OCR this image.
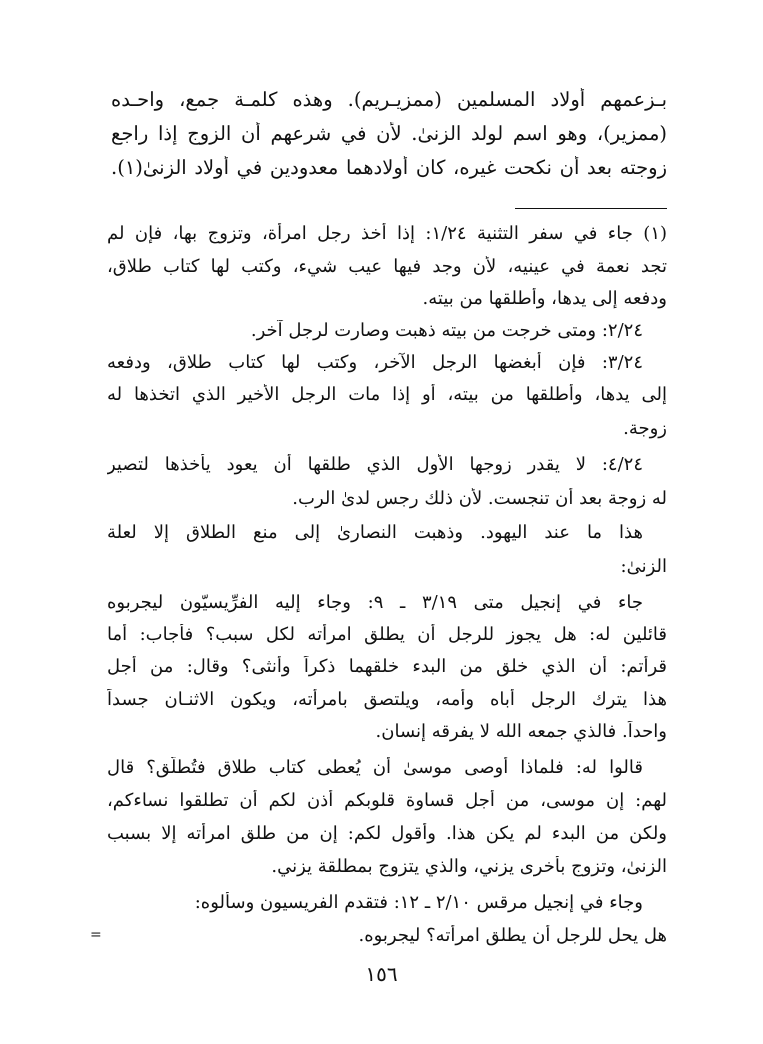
بـزعمهم أولاد المسلمين (ممزيـريم). وهذه كلمـة جمع، واحـده
(ممزير)، وهو اسم لولد الزنىٰ. لأن في شرعهم أن الزوج إذا راجع
زوجته بعد أن نكحت غيره، كان أولادهما معدودين في أولاد الزنىٰ(١).
(١) جاء في سفر التثنية ١/٢٤: إذا أخذ رجل امرأة، وتزوج بها، فإن لم
تجد نعمة في عينيه، لأن وجد فيها عيب شيء، وكتب لها كتاب طلاق،
ودفعه إلى يدها، وأطلقها من بيته.
٢/٢٤: ومتى خرجت من بيته ذهبت وصارت لرجل آخر.
٣/٢٤: فإن أبغضها الرجل الآخر، وكتب لها كتاب طلاق، ودفعه
إلى يدها، وأطلقها من بيته، أو إذا مات الرجل الأخير الذي اتخذها له
زوجة.
٤/٢٤: لا يقدر زوجها الأول الذي طلقها أن يعود يأخذها لتصير
له زوجة بعد أن تنجست. لأن ذلك رجس لدىٰ الرب.
هذا ما عند اليهود. وذهبت النصارىٰ إلى منع الطلاق إلا لعلة
الزنىٰ:
جاء في إنجيل متى ٣/١٩ ـ ٩: وجاء إليه الفرِّيسيّون ليجربوه
قائلين له: هل يجوز للرجل أن يطلق امرأته لكل سبب؟ فأجاب: أما
قرأتم: أن الذي خلق من البدء خلقهما ذكراً وأنثى؟ وقال: من أجل
هذا يترك الرجل أباه وأمه، ويلتصق بامرأته، ويكون الاثنـان جسداً
واحداً. فالذي جمعه الله لا يفرقه إنسان.
قالوا له: فلماذا أوصى موسىٰ أن يُعطى كتاب طلاق فتُطلَّق؟ قال
لهم: إن موسى، من أجل قساوة قلوبكم أذن لكم أن تطلقوا نساءكم،
ولكن من البدء لم يكن هذا. وأقول لكم: إن من طلق امرأته إلا بسبب
الزنىٰ، وتزوج بأخرى يزني، والذي يتزوج بمطلقة يزني.
وجاء في إنجيل مرقس ٢/١٠ ـ ١٢: فتقدم الفريسيون وسألوه:
هل يحل للرجل أن يطلق امرأته؟ ليجربوه.
=
١٥٦
